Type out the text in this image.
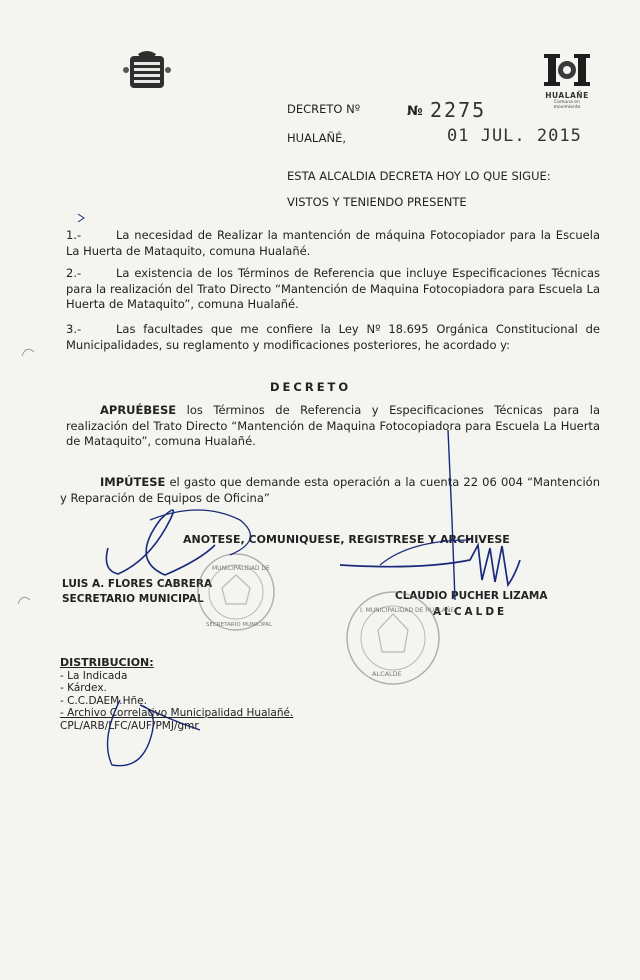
HUALAÑE
Comuna en movimiento
DECRETO Nº	№ 2275
HUALAÑÉ,	01 JUL. 2015
ESTA ALCALDIA DECRETA HOY LO QUE SIGUE:
VISTOS Y TENIENDO PRESENTE
1.-	La necesidad de Realizar la mantención de máquina Fotocopiador para la Escuela La Huerta de Mataquito, comuna Hualañé.
2.-	La existencia de los Términos de Referencia que incluye Especificaciones Técnicas para la realización del Trato Directo “Mantención de Maquina Fotocopiadora para Escuela La Huerta de Mataquito”, comuna Hualañé.
3.-	Las facultades que me confiere la Ley Nº 18.695 Orgánica Constitucional de Municipalidades, su reglamento y modificaciones posteriores, he acordado y:
DECRETO
APRUÉBESE los Términos de Referencia y Especificaciones Técnicas para la realización del Trato Directo “Mantención de Maquina Fotocopiadora para Escuela La Huerta de Mataquito”, comuna Hualañé.
IMPÚTESE el gasto que demande esta operación a la cuenta 22 06 004 “Mantención y Reparación de Equipos de Oficina”
ANOTESE, COMUNIQUESE, REGISTRESE Y ARCHIVESE
LUIS A. FLORES CABRERA
SECRETARIO MUNICIPAL	CLAUDIO PUCHER LIZAMA
ALCALDE
MUNICIPALIDAD DE
SECRETARIO MUNICIPAL
I. MUNICIPALIDAD DE HUALAÑE
ALCALDE
DISTRIBUCION:
- La Indicada
- Kárdex.
- C.C.DAEM.Hñe.
- Archivo Correlativo Municipalidad Hualañé.
CPL/ARB/LFC/AUF/PMJ/gmr
